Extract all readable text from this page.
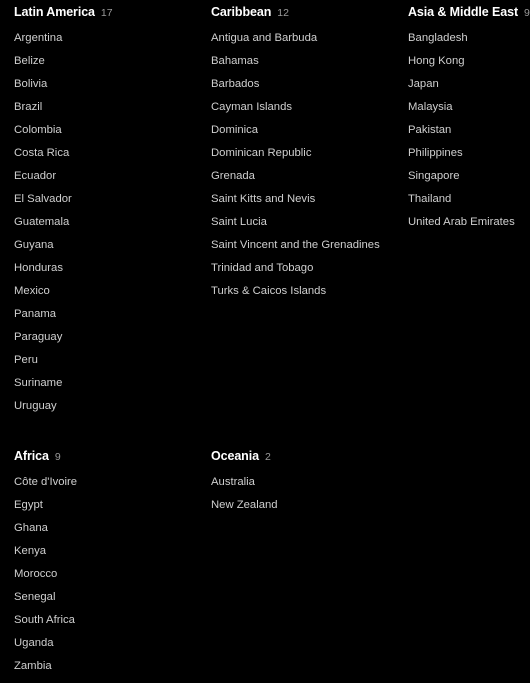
Latin America 17
Argentina
Belize
Bolivia
Brazil
Colombia
Costa Rica
Ecuador
El Salvador
Guatemala
Guyana
Honduras
Mexico
Panama
Paraguay
Peru
Suriname
Uruguay
Caribbean 12
Antigua and Barbuda
Bahamas
Barbados
Cayman Islands
Dominica
Dominican Republic
Grenada
Saint Kitts and Nevis
Saint Lucia
Saint Vincent and the Grenadines
Trinidad and Tobago
Turks & Caicos Islands
Asia & Middle East 9
Bangladesh
Hong Kong
Japan
Malaysia
Pakistan
Philippines
Singapore
Thailand
United Arab Emirates
Africa 9
Côte d'Ivoire
Egypt
Ghana
Kenya
Morocco
Senegal
South Africa
Uganda
Zambia
Oceania 2
Australia
New Zealand
